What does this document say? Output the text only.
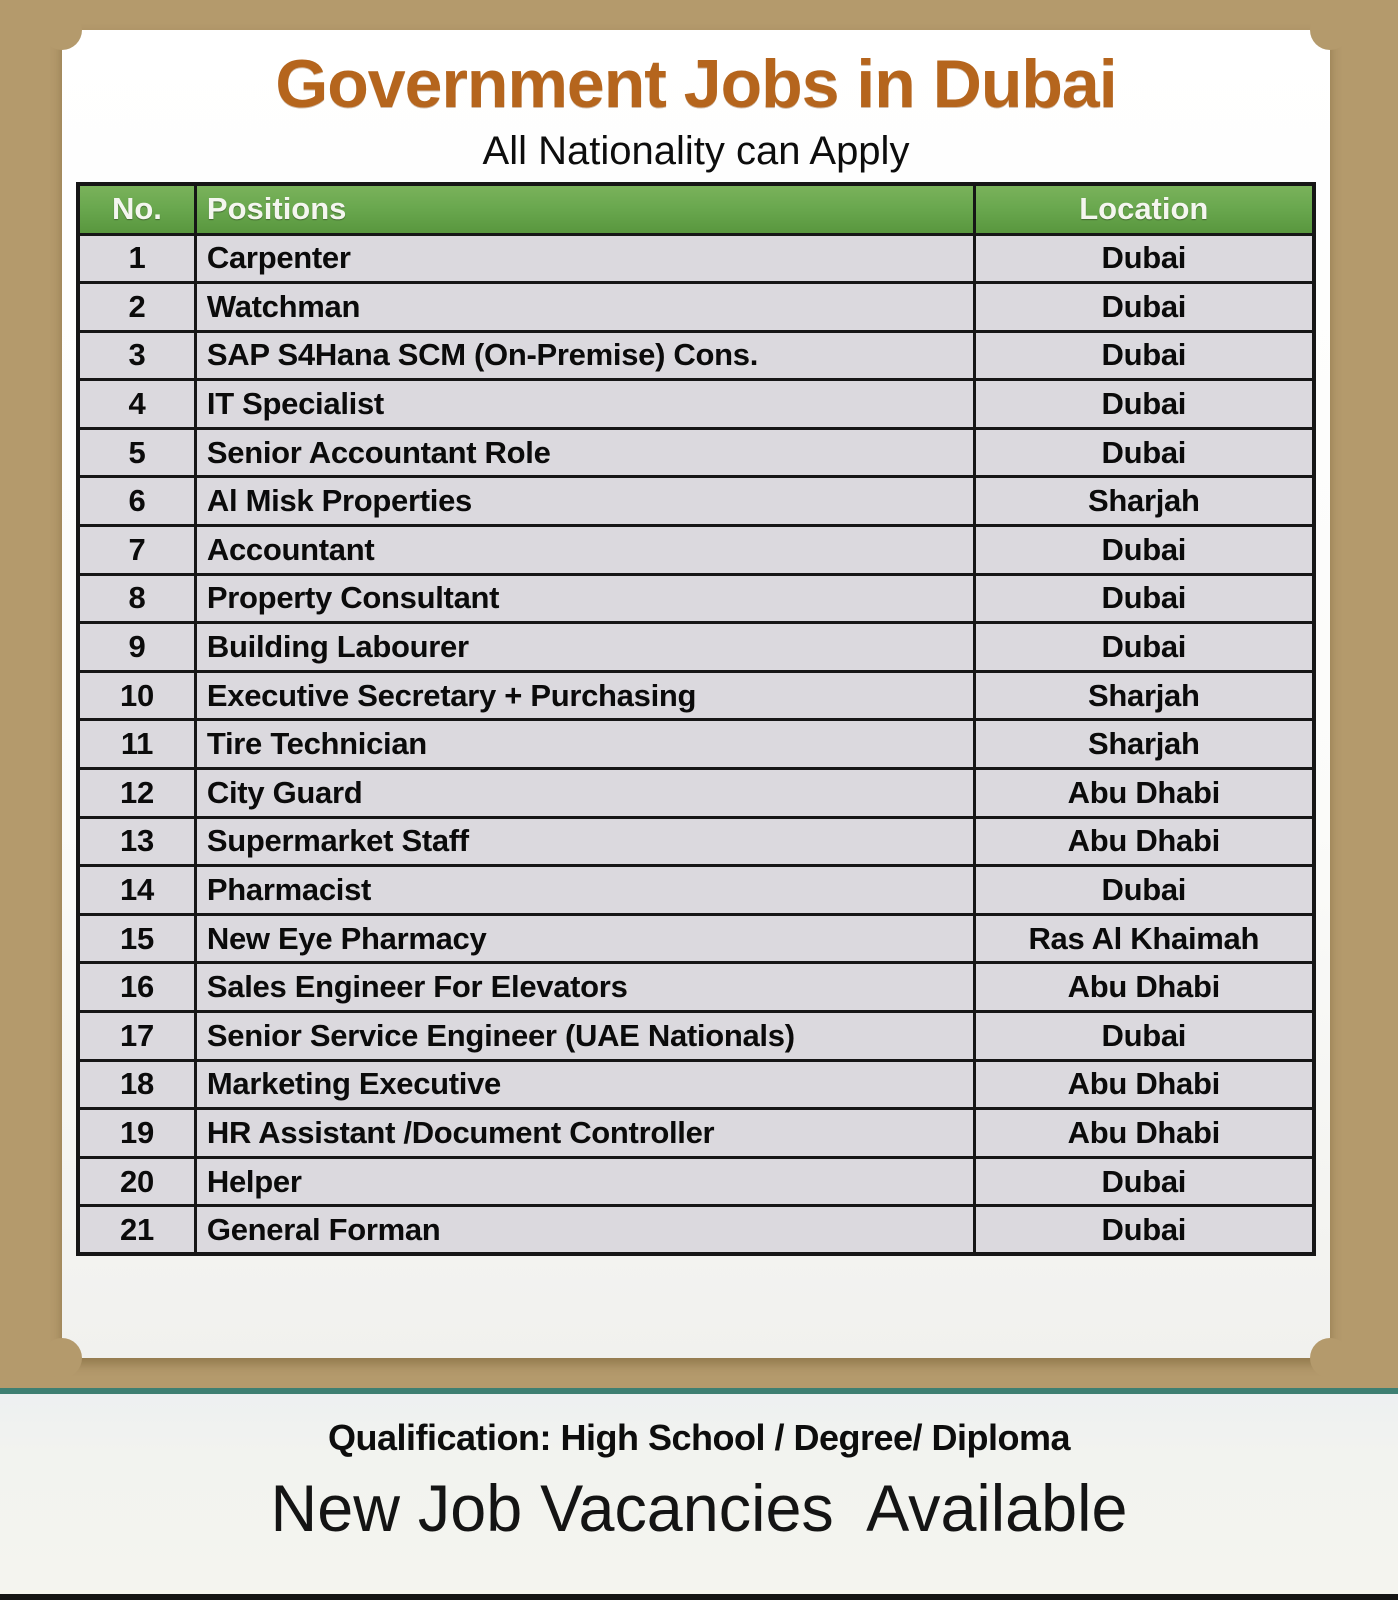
Government Jobs in Dubai
All Nationality can Apply
No.	Positions	Location
1	Carpenter	Dubai
2	Watchman	Dubai
3	SAP S4Hana SCM (On-Premise) Cons.	Dubai
4	IT Specialist	Dubai
5	Senior Accountant Role	Dubai
6	Al Misk Properties	Sharjah
7	Accountant	Dubai
8	Property Consultant	Dubai
9	Building Labourer	Dubai
10	Executive Secretary + Purchasing	Sharjah
11	Tire Technician	Sharjah
12	City Guard	Abu Dhabi
13	Supermarket Staff	Abu Dhabi
14	Pharmacist	Dubai
15	New Eye Pharmacy	Ras Al Khaimah
16	Sales Engineer For Elevators	Abu Dhabi
17	Senior Service Engineer (UAE Nationals)	Dubai
18	Marketing Executive	Abu Dhabi
19	HR Assistant /Document Controller	Abu Dhabi
20	Helper	Dubai
21	General Forman	Dubai
Qualification: High School / Degree/ Diploma
New Job Vacancies  Available
